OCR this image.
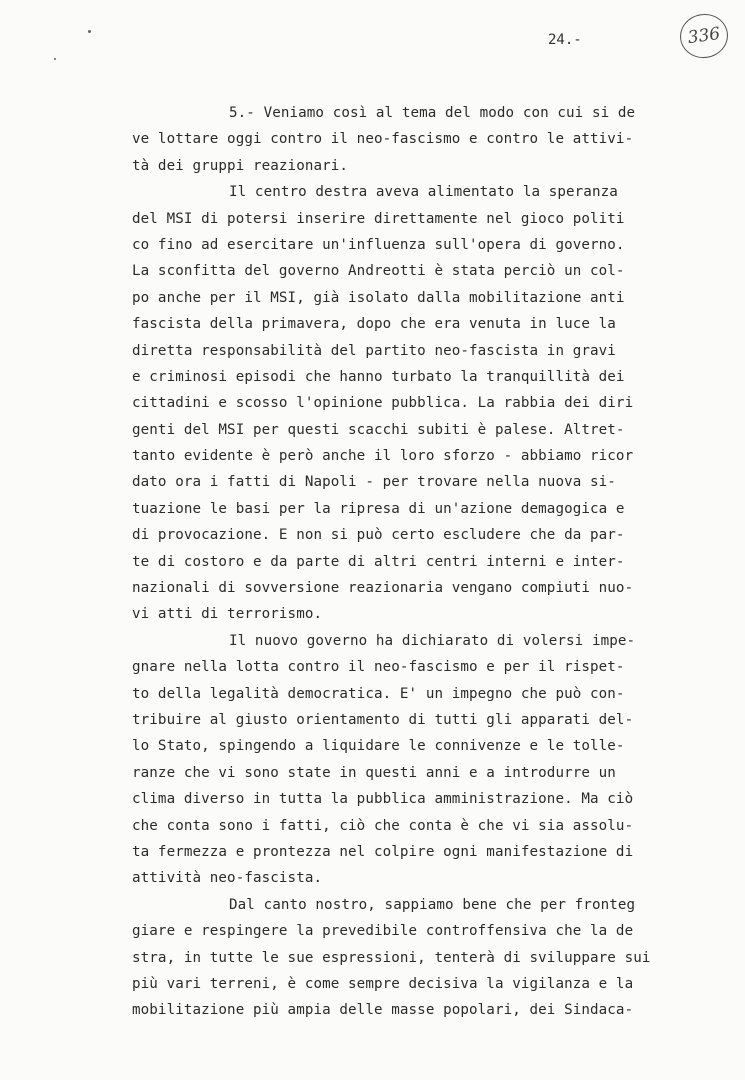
336
24.-
5.- Veniamo così al tema del modo con cui si de
ve lottare oggi contro il neo-fascismo e contro le attivi-
tà dei gruppi reazionari.
Il centro destra aveva alimentato la speranza
del MSI di potersi inserire direttamente nel gioco politi
co fino ad esercitare un'influenza sull'opera di governo.
La sconfitta del governo Andreotti è stata perciò un col-
po anche per il MSI, già isolato dalla mobilitazione anti
fascista della primavera, dopo che era venuta in luce la
diretta responsabilità del partito neo-fascista in gravi
e criminosi episodi che hanno turbato la tranquillità dei
cittadini e scosso l'opinione pubblica. La rabbia dei diri
genti del MSI per questi scacchi subiti è palese. Altret-
tanto evidente è però anche il loro sforzo - abbiamo ricor
dato ora i fatti di Napoli - per trovare nella nuova si-
tuazione le basi per la ripresa di un'azione demagogica e
di provocazione. E non si può certo escludere che da par-
te di costoro e da parte di altri centri interni e inter-
nazionali di sovversione reazionaria vengano compiuti nuo-
vi atti di terrorismo.
Il nuovo governo ha dichiarato di volersi impe-
gnare nella lotta contro il neo-fascismo e per il rispet-
to della legalità democratica. E' un impegno che può con-
tribuire al giusto orientamento di tutti gli apparati del-
lo Stato, spingendo a liquidare le connivenze e le tolle-
ranze che vi sono state in questi anni e a introdurre un
clima diverso in tutta la pubblica amministrazione. Ma ciò
che conta sono i fatti, ciò che conta è che vi sia assolu-
ta fermezza e prontezza nel colpire ogni manifestazione di
attività neo-fascista.
Dal canto nostro, sappiamo bene che per fronteg
giare e respingere la prevedibile controffensiva che la de
stra, in tutte le sue espressioni, tenterà di sviluppare sui
più vari terreni, è come sempre decisiva la vigilanza e la
mobilitazione più ampia delle masse popolari, dei Sindaca-
